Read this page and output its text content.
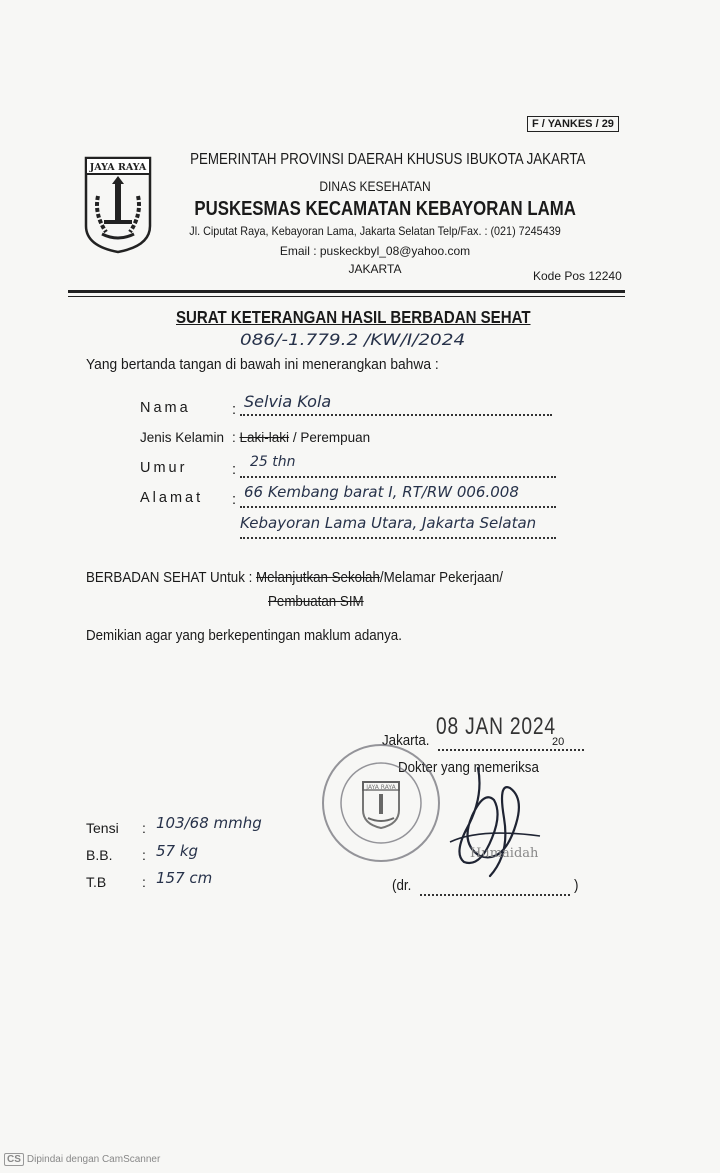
F / YANKES / 29
JAYA RAYA	PEMERINTAH PROVINSI DAERAH KHUSUS IBUKOTA JAKARTA
DINAS KESEHATAN
PUSKESMAS KECAMATAN KEBAYORAN LAMA
Jl. Ciputat Raya, Kebayoran Lama, Jakarta Selatan Telp/Fax. : (021) 7245439
Email : puskeckbyl_08@yahoo.com
JAKARTA	Kode Pos 12240
SURAT KETERANGAN HASIL BERBADAN SEHAT
086/-1.779.2 /KW/I/2024
Yang bertanda tangan di bawah ini menerangkan bahwa :
Nama	: Selvia Kola
Jenis Kelamin : Laki-laki / Perempuan
Umur	: 25 thn
Alamat : 66 Kembang barat I, RT/RW 006.008
Kebayoran Lama Utara, Jakarta Selatan
BERBADAN SEHAT Untuk : Melanjutkan Sekolah/Melamar Pekerjaan/
Pembuatan SIM
Demikian agar yang berkepentingan maklum adanya.
Jakarta.
08 JAN 2024
20
Dokter yang memeriksa
JAYA RAYA
Humaidah
(dr.	)
Tensi : 103/68 mmhg
B.B. : 57 kg
T.B	: 157 cm
CS Dipindai dengan CamScanner
